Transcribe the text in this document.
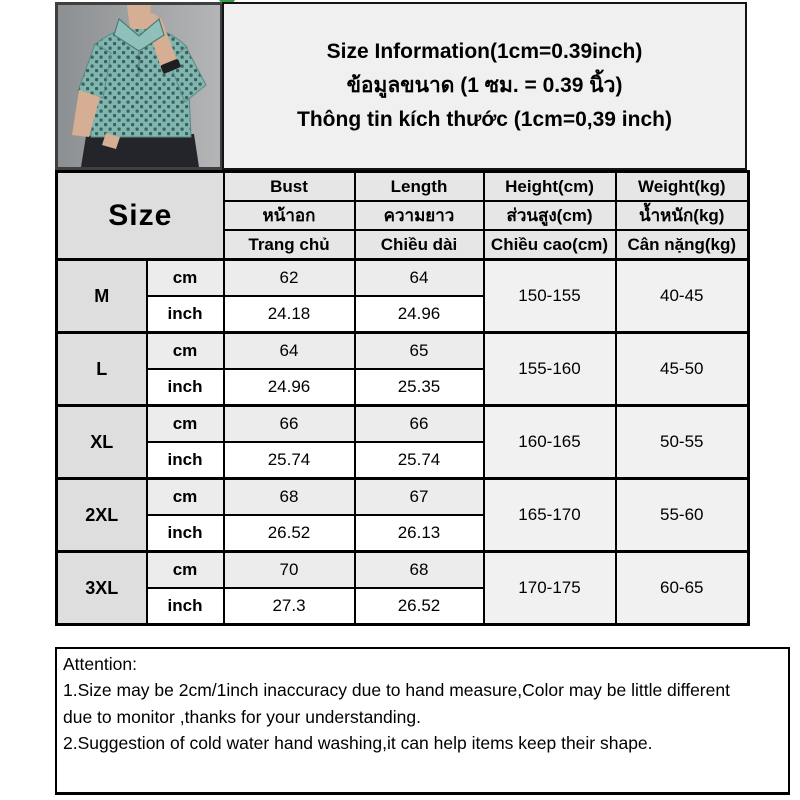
Size Information(1cm=0.39inch)
ข้อมูลขนาด (1 ซม. = 0.39 นิ้ว)
Thông tin kích thước (1cm=0,39 inch)
Size		Bust	Length	Height(cm)	Weight(kg)
		หน้าอก	ความยาว	ส่วนสูง(cm)	น้ำหนัก(kg)
		Trang chủ	Chiều dài	Chiều cao(cm)	Cân nặng(kg)
M	cm	62	64	150-155	40-45
	inch	24.18	24.96		
L	cm	64	65	155-160	45-50
	inch	24.96	25.35		
XL	cm	66	66	160-165	50-55
	inch	25.74	25.74		
2XL	cm	68	67	165-170	55-60
	inch	26.52	26.13		
3XL	cm	70	68	170-175	60-65
	inch	27.3	26.52		
Attention:
1.Size may be 2cm/1inch inaccuracy due to hand measure,Color may be little different
due to monitor ,thanks for your understanding.
2.Suggestion of cold water hand washing,it can help items keep their shape.
